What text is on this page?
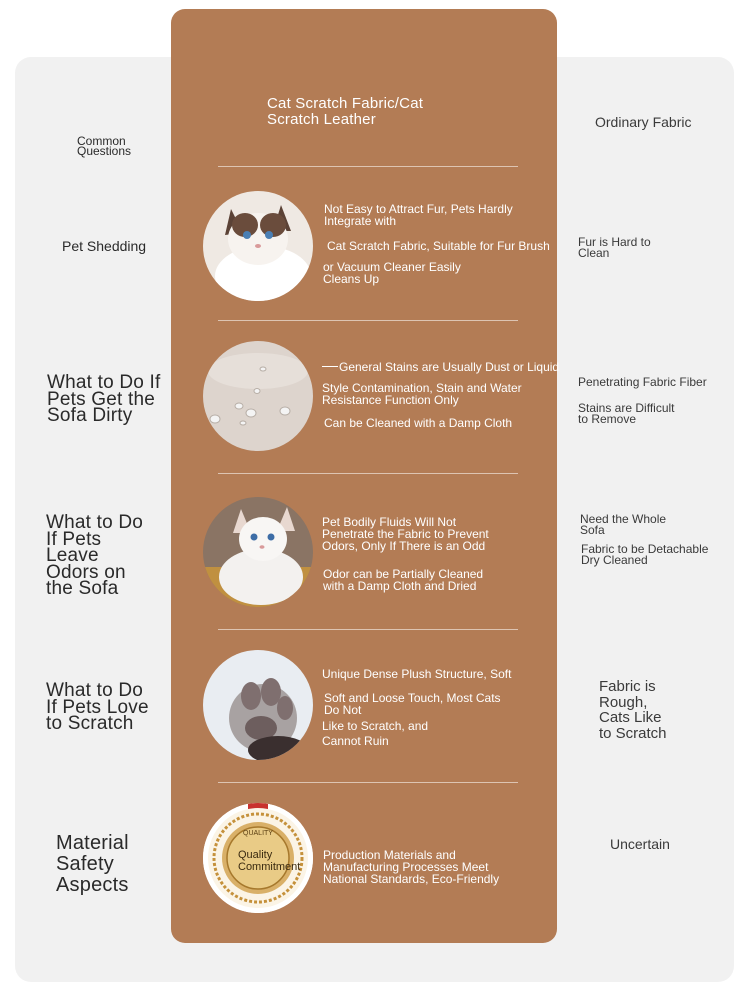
Common
Questions
Cat Scratch Fabric/Cat
Scratch Leather	Ordinary Fabric
Pet Shedding
Not Easy to Attract Fur, Pets Hardly
Integrate with
Cat Scratch Fabric, Suitable for Fur Brush
or Vacuum Cleaner Easily
Cleans Up
Fur is Hard to
Clean
What to Do If
Pets Get the
Sofa Dirty
General Stains are Usually Dust or Liquid
Style Contamination, Stain and Water
Resistance Function Only
Can be Cleaned with a Damp Cloth
Penetrating Fabric Fiber
Stains are Difficult
to Remove
What to Do
If Pets
Leave
Odors on
the Sofa
Pet Bodily Fluids Will Not
Penetrate the Fabric to Prevent
Odors, Only If There is an Odd
Odor can be Partially Cleaned
with a Damp Cloth and Dried
Need the Whole
Sofa
Fabric to be Detachable
Dry Cleaned
What to Do
If Pets Love
to Scratch
Unique Dense Plush Structure, Soft
Soft and Loose Touch, Most Cats
Do Not
Like to Scratch, and
Cannot Ruin
Fabric is
Rough,
Cats Like
to Scratch
Material
Safety
Aspects
QUALITY
Quality
Commitment
Production Materials and
Manufacturing Processes Meet
National Standards, Eco-Friendly
Uncertain
